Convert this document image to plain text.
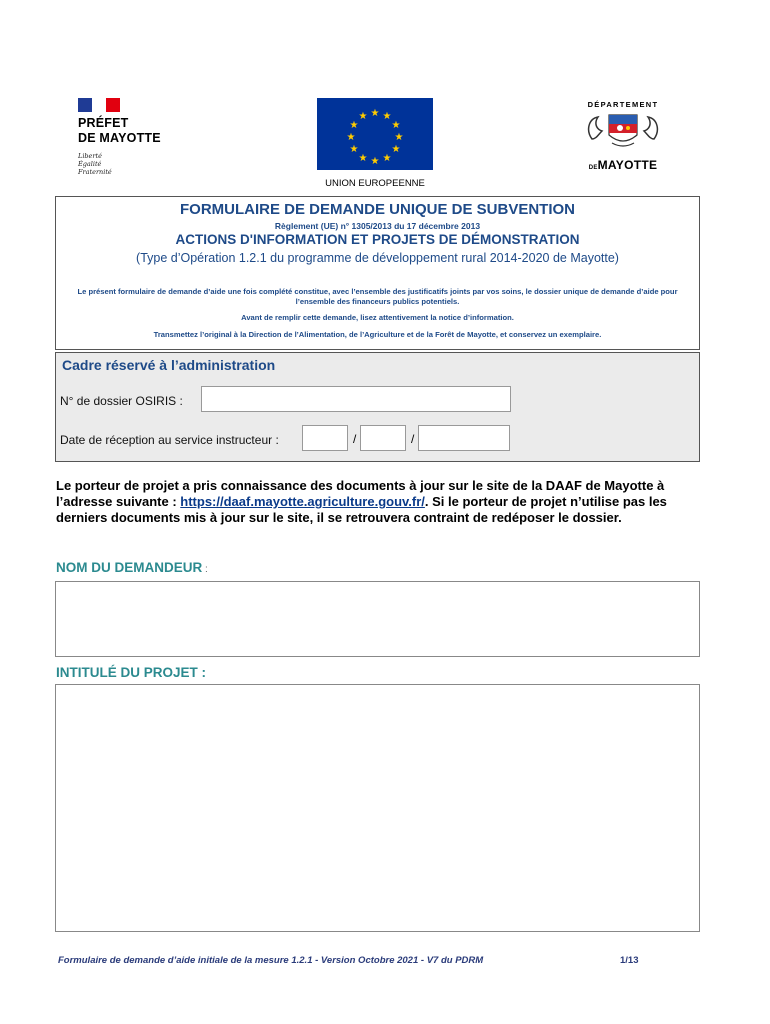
PRÉFET
DE MAYOTTE
Liberté
Égalité
Fraternité
★ ★
★
★
★
★
★
★
★
★
★
★
UNION EUROPEENNE
DÉPARTEMENT
DEMAYOTTE
FORMULAIRE DE DEMANDE UNIQUE DE SUBVENTION
Règlement (UE) n° 1305/2013 du 17 décembre 2013
ACTIONS D'INFORMATION ET PROJETS DE DÉMONSTRATION
(Type d’Opération 1.2.1 du programme de développement rural 2014-2020 de Mayotte)
Le présent formulaire de demande d’aide une fois complété constitue, avec l’ensemble des justificatifs joints par vos soins, le dossier unique de demande d’aide pour l’ensemble des financeurs publics potentiels.
Avant de remplir cette demande, lisez attentivement la notice d’information.
Transmettez l’original à la Direction de l’Alimentation, de l’Agriculture et de la Forêt de Mayotte, et conservez un exemplaire.
Cadre réservé à l’administration
N° de dossier OSIRIS :
Date de réception au service instructeur :	/	/
Le porteur de projet a pris connaissance des documents à jour sur le site de la DAAF de Mayotte à l’adresse suivante : https://daaf.mayotte.agriculture.gouv.fr/. Si le porteur de projet n’utilise pas les derniers documents mis à jour sur le site, il se retrouvera contraint de redéposer le dossier.
NOM DU DEMANDEUR :
INTITULÉ DU PROJET :
Formulaire de demande d’aide initiale de la mesure 1.2.1 - Version Octobre 2021 - V7 du PDRM	1/13
